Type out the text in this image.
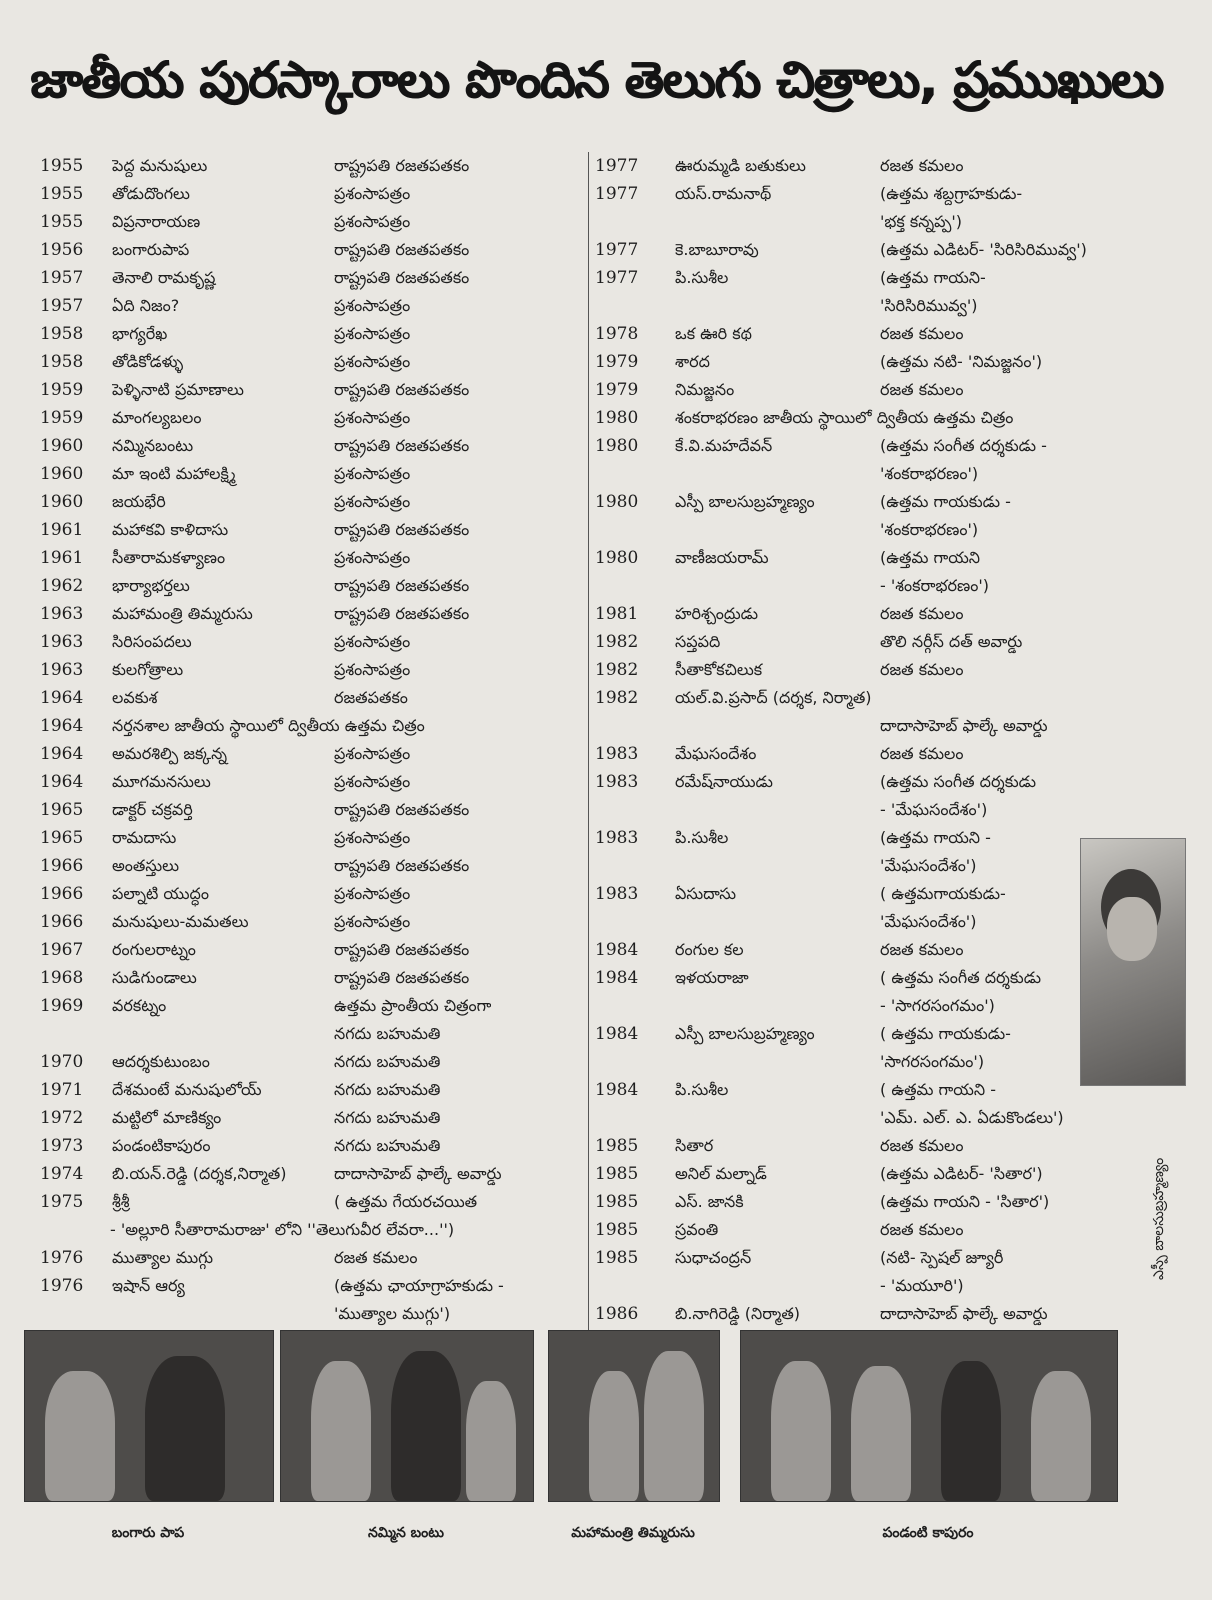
జాతీయ పురస్కారాలు పొందిన తెలుగు చిత్రాలు, ప్రముఖులు
1955	పెద్ద మనుషులు	రాష్ట్రపతి రజతపతకం
1955	తోడుదొంగలు	ప్రశంసాపత్రం
1955	విప్రనారాయణ	ప్రశంసాపత్రం
1956	బంగారుపాప	రాష్ట్రపతి రజతపతకం
1957	తెనాలి రామకృష్ణ	రాష్ట్రపతి రజతపతకం
1957	ఏది నిజం?	ప్రశంసాపత్రం
1958	భాగ్యరేఖ	ప్రశంసాపత్రం
1958	తోడికోడళ్ళు	ప్రశంసాపత్రం
1959	పెళ్ళినాటి ప్రమాణాలు	రాష్ట్రపతి రజతపతకం
1959	మాంగల్యబలం	ప్రశంసాపత్రం
1960	నమ్మినబంటు	రాష్ట్రపతి రజతపతకం
1960	మా ఇంటి మహాలక్ష్మి	ప్రశంసాపత్రం
1960	జయభేరి	ప్రశంసాపత్రం
1961	మహాకవి కాళిదాసు	రాష్ట్రపతి రజతపతకం
1961	సీతారామకళ్యాణం	ప్రశంసాపత్రం
1962	భార్యాభర్తలు	రాష్ట్రపతి రజతపతకం
1963	మహామంత్రి తిమ్మరుసు	రాష్ట్రపతి రజతపతకం
1963	సిరిసంపదలు	ప్రశంసాపత్రం
1963	కులగోత్రాలు	ప్రశంసాపత్రం
1964	లవకుశ	రజతపతకం
1964	నర్తనశాల జాతీయ స్థాయిలో ద్వితీయ ఉత్తమ చిత్రం
1964	అమరశిల్పి జక్కన్న	ప్రశంసాపత్రం
1964	మూగమనసులు	ప్రశంసాపత్రం
1965	డాక్టర్ చక్రవర్తి	రాష్ట్రపతి రజతపతకం
1965	రామదాసు	ప్రశంసాపత్రం
1966	అంతస్తులు	రాష్ట్రపతి రజతపతకం
1966	పల్నాటి యుద్ధం	ప్రశంసాపత్రం
1966	మనుషులు-మమతలు	ప్రశంసాపత్రం
1967	రంగులరాట్నం	రాష్ట్రపతి రజతపతకం
1968	సుడిగుండాలు	రాష్ట్రపతి రజతపతకం
1969	వరకట్నం	ఉత్తమ ప్రాంతీయ చిత్రంగా
నగదు బహుమతి
1970	ఆదర్శకుటుంబం	నగదు బహుమతి
1971	దేశమంటే మనుషులోయ్	నగదు బహుమతి
1972	మట్టిలో మాణిక్యం	నగదు బహుమతి
1973	పండంటికాపురం	నగదు బహుమతి
1974	బి.యన్.రెడ్డి (దర్శక,నిర్మాత)	దాదాసాహెబ్ ఫాల్కే అవార్డు
1975	శ్రీశ్రీ	( ఉత్తమ గేయరచయిత
- 'అల్లూరి సీతారామరాజు' లోని ''తెలుగువీర లేవరా...'')
1976	ముత్యాల ముగ్గు	రజత కమలం
1976	ఇషాన్ ఆర్య	(ఉత్తమ ఛాయాగ్రాహకుడు -
'ముత్యాల ముగ్గు')
1977	ఊరుమ్మడి బతుకులు	రజత కమలం
1977	యస్.రామనాథ్	(ఉత్తమ శబ్దగ్రాహకుడు-
'భక్త కన్నప్ప')
1977	కె.బాబూరావు	(ఉత్తమ ఎడిటర్- 'సిరిసిరిమువ్వ')
1977	పి.సుశీల	(ఉత్తమ గాయని-
'సిరిసిరిమువ్వ')
1978	ఒక ఊరి కథ	రజత కమలం
1979	శారద	(ఉత్తమ నటి- 'నిమజ్జనం')
1979	నిమజ్జనం	రజత కమలం
1980	శంకరాభరణం జాతీయ స్థాయిలో ద్వితీయ ఉత్తమ చిత్రం
1980	కే.వి.మహదేవన్	(ఉత్తమ సంగీత దర్శకుడు -
'శంకరాభరణం')
1980	ఎస్పీ బాలసుబ్రహ్మణ్యం	(ఉత్తమ గాయకుడు -
'శంకరాభరణం')
1980	వాణీజయరామ్	(ఉత్తమ గాయని
- 'శంకరాభరణం')
1981	హరిశ్చంద్రుడు	రజత కమలం
1982	సప్తపది	తొలి నర్గీస్ దత్ అవార్డు
1982	సీతాకోకచిలుక	రజత కమలం
1982	యల్.వి.ప్రసాద్ (దర్శక, నిర్మాత)
దాదాసాహెబ్ ఫాల్కే అవార్డు
1983	మేఘసందేశం	రజత కమలం
1983	రమేష్‌నాయుడు	(ఉత్తమ సంగీత దర్శకుడు
- 'మేఘసందేశం')
1983	పి.సుశీల	(ఉత్తమ గాయని -
'మేఘసందేశం')
1983	ఏసుదాసు	( ఉత్తమగాయకుడు-
'మేఘసందేశం')
1984	రంగుల కల	రజత కమలం
1984	ఇళయరాజా	( ఉత్తమ సంగీత దర్శకుడు
- 'సాగరసంగమం')
1984	ఎస్పీ బాలసుబ్రహ్మణ్యం	( ఉత్తమ గాయకుడు-
'సాగరసంగమం')
1984	పి.సుశీల	( ఉత్తమ గాయని -
'ఎమ్. ఎల్. ఎ. ఏడుకొండలు')
1985	సితార	రజత కమలం
1985	అనిల్ మల్నాడ్	(ఉత్తమ ఎడిటర్- 'సితార')
1985	ఎస్. జానకి	(ఉత్తమ గాయని - 'సితార')
1985	స్రవంతి	రజత కమలం
1985	సుధాచంద్రన్	(నటి- స్పెషల్ జ్యూరీ
- 'మయూరి')
1986	బి.నాగిరెడ్డి (నిర్మాత)	దాదాసాహెబ్ ఫాల్కే అవార్డు
ఎస్పీ బాలసుబ్రహ్మణ్యం
బంగారు పాప	నమ్మిన బంటు	మహామంత్రి తిమ్మరుసు	పండంటి కాపురం
